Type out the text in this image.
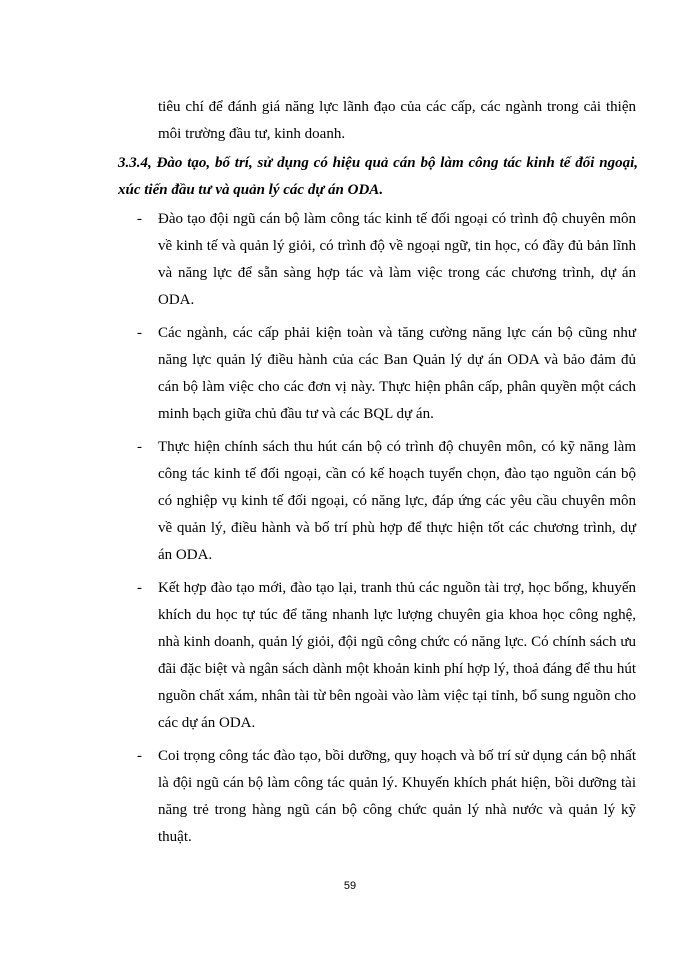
tiêu chí để đánh giá năng lực lãnh đạo của các cấp, các ngành trong cải thiện môi trường đầu tư, kinh doanh.

3.3.4, Đào tạo, bố trí, sử dụng có hiệu quả cán bộ làm công tác kinh tế đối ngoại, xúc tiến đầu tư và quản lý các dự án ODA.

- Đào tạo đội ngũ cán bộ làm công tác kinh tế đối ngoại có trình độ chuyên môn về kinh tế và quản lý giỏi, có trình độ về ngoại ngữ, tin học, có đầy đủ bản lĩnh và năng lực để sẵn sàng hợp tác và làm việc trong các chương trình, dự án ODA.
- Các ngành, các cấp phải kiện toàn và tăng cường năng lực cán bộ cũng như năng lực quản lý điều hành của các Ban Quản lý dự án ODA và bảo đảm đủ cán bộ làm việc cho các đơn vị này. Thực hiện phân cấp, phân quyền một cách minh bạch giữa chủ đầu tư và các BQL dự án.
- Thực hiện chính sách thu hút cán bộ có trình độ chuyên môn, có kỹ năng làm công tác kinh tế đối ngoại, cần có kế hoạch tuyển chọn, đào tạo nguồn cán bộ có nghiệp vụ kinh tế đối ngoại, có năng lực, đáp ứng các yêu cầu chuyên môn về quản lý, điều hành và bố trí phù hợp để thực hiện tốt các chương trình, dự án ODA.
- Kết hợp đào tạo mới, đào tạo lại, tranh thủ các nguồn tài trợ, học bổng, khuyến khích du học tự túc để tăng nhanh lực lượng chuyên gia khoa học công nghệ, nhà kinh doanh, quản lý giỏi, đội ngũ công chức có năng lực. Có chính sách ưu đãi đặc biệt và ngân sách dành một khoản kinh phí hợp lý, thoả đáng để thu hút nguồn chất xám, nhân tài từ bên ngoài vào làm việc tại tỉnh, bổ sung nguồn cho các dự án ODA.
- Coi trọng công tác đào tạo, bồi dưỡng, quy hoạch và bố trí sử dụng cán bộ nhất là đội ngũ cán bộ làm công tác quản lý. Khuyến khích phát hiện, bồi dưỡng tài năng trẻ trong hàng ngũ cán bộ công chức quản lý nhà nước và quản lý kỹ thuật.
59
